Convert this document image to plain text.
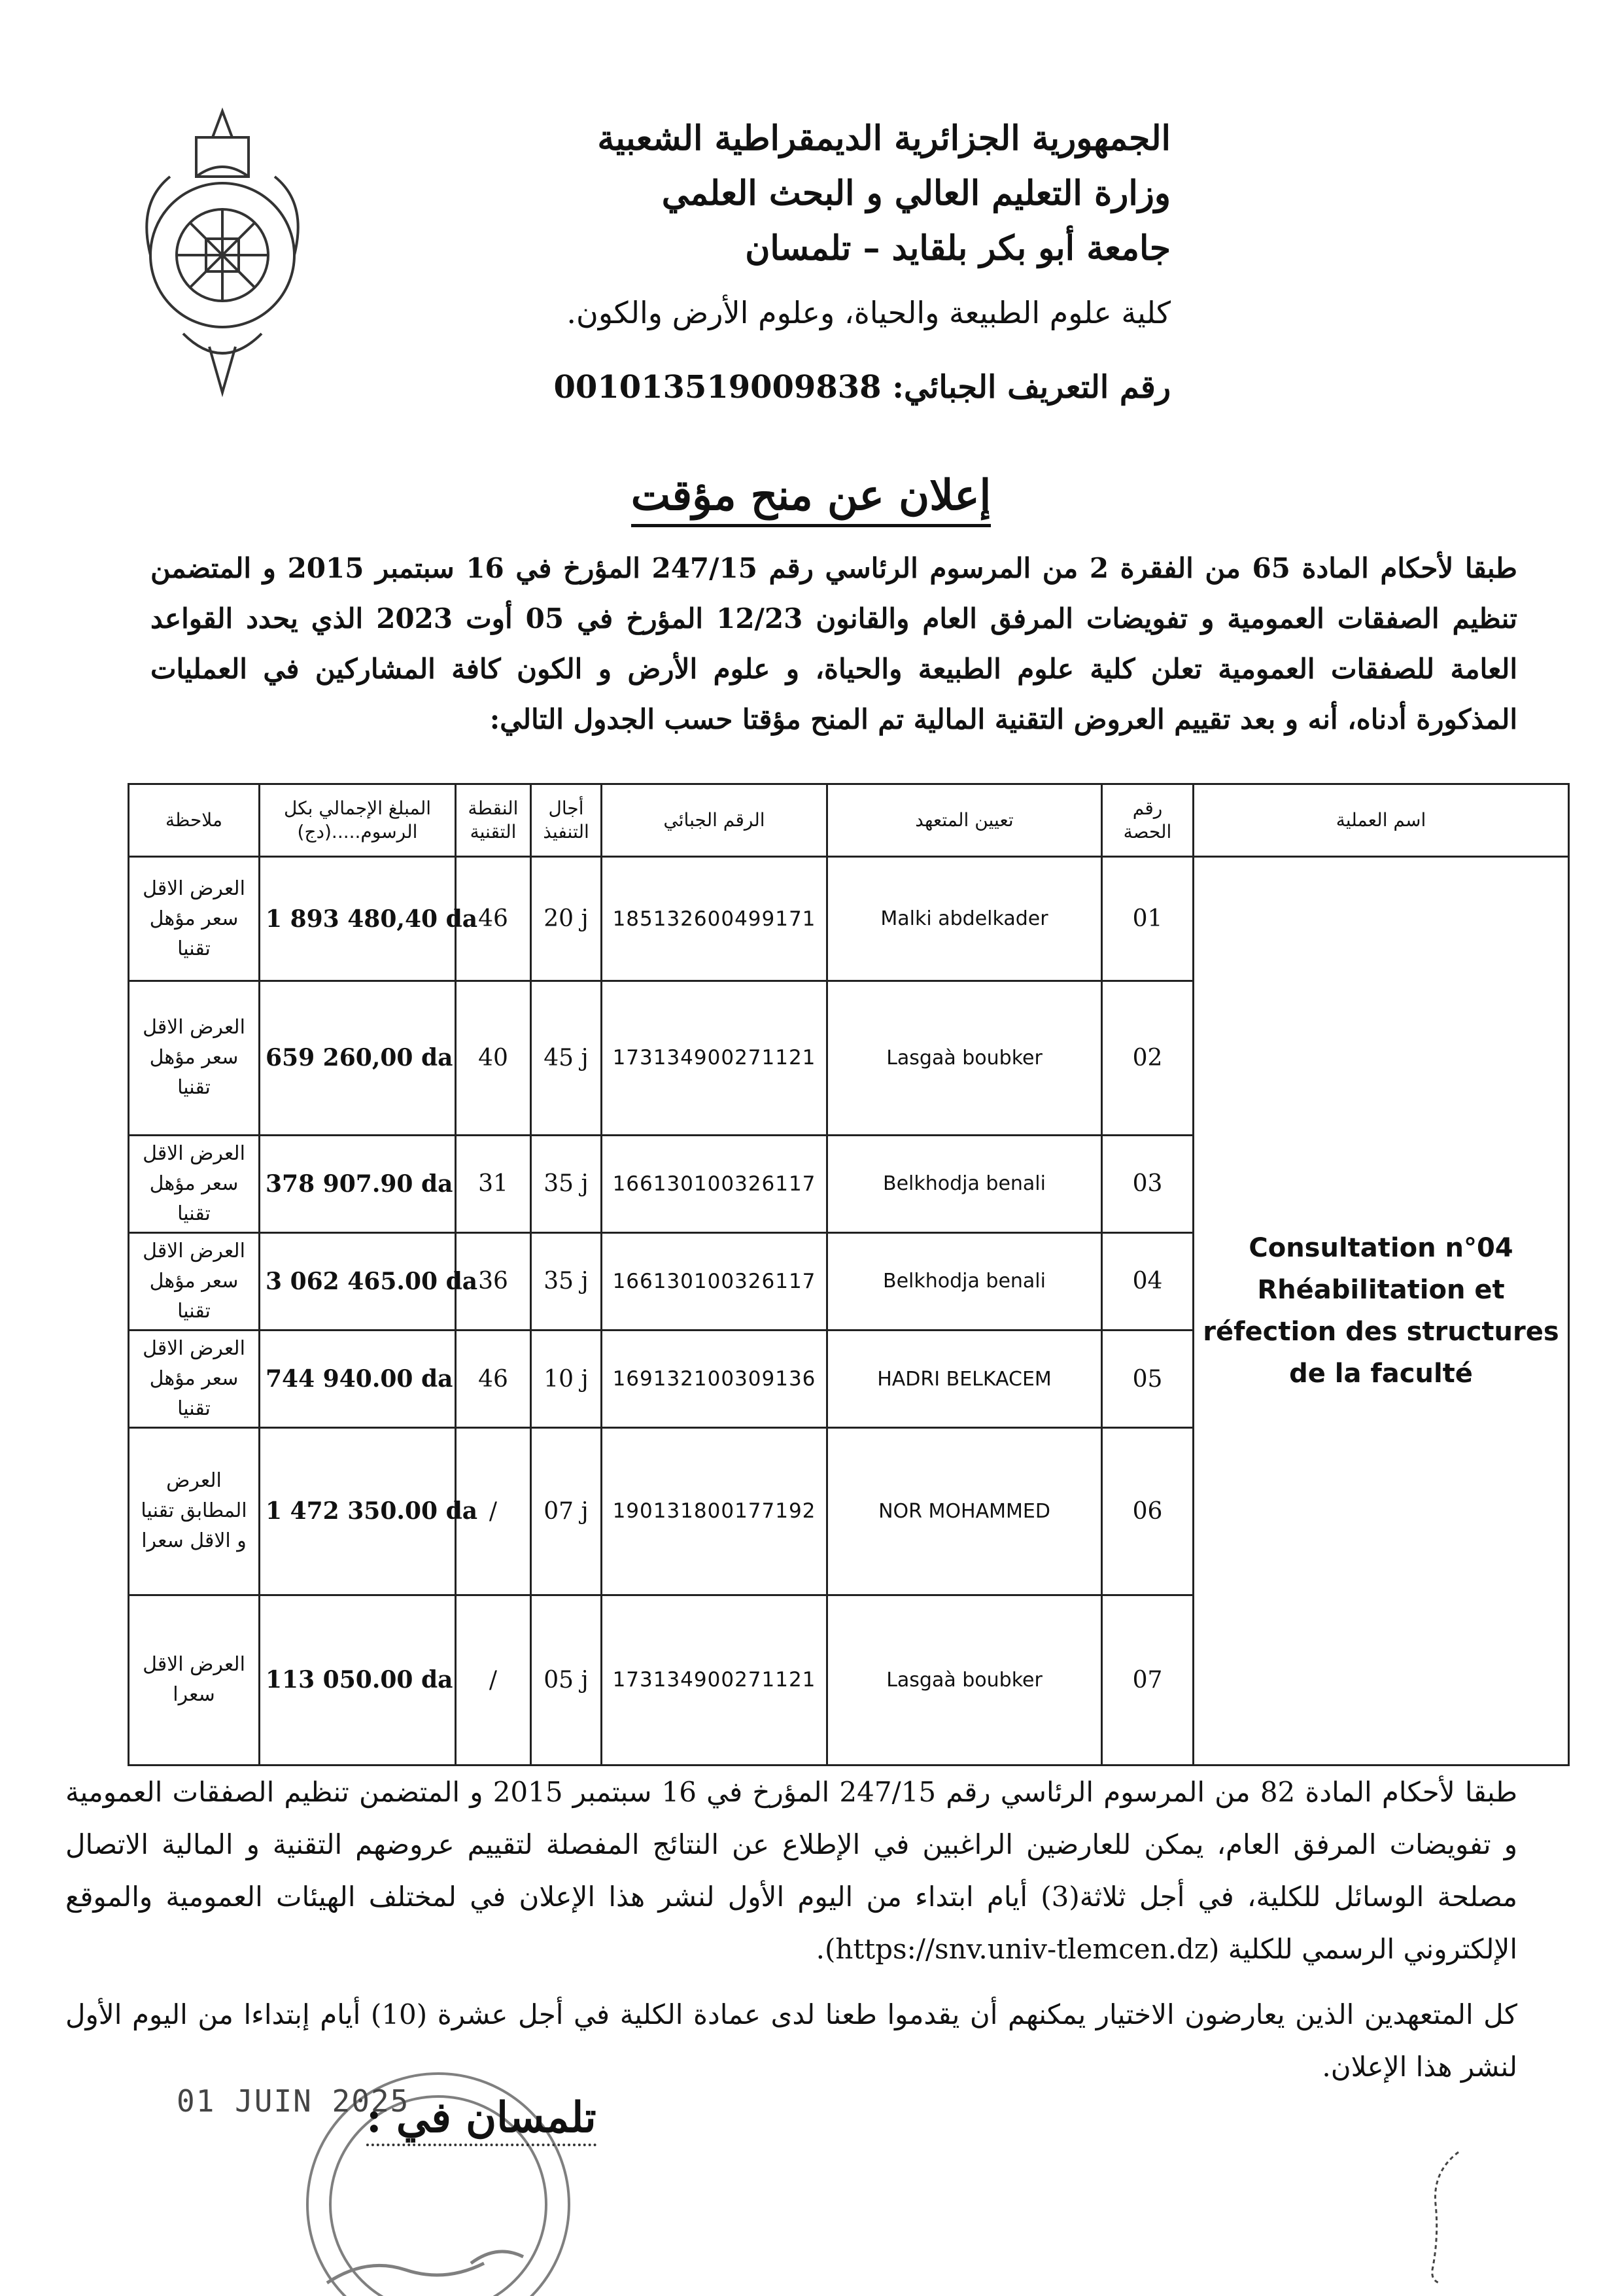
الجمهورية الجزائرية الديمقراطية الشعبية
وزارة التعليم العالي و البحث العلمي
جامعة أبو بكر بلقايد – تلمسان
كلية علوم الطبيعة والحياة، وعلوم الأرض والكون.
رقم التعريف الجبائي: 001013519009838
إعلان عن منح مؤقت
طبقا لأحكام المادة 65 من الفقرة 2 من المرسوم الرئاسي رقم 247/15 المؤرخ في 16 سبتمبر 2015 و المتضمن تنظيم الصفقات العمومية و تفويضات المرفق العام والقانون 12/23 المؤرخ في 05 أوت 2023 الذي يحدد القواعد العامة للصفقات العمومية تعلن كلية علوم الطبيعة والحياة، و علوم الأرض و الكون كافة المشاركين في العمليات المذكورة أدناه، أنه و بعد تقييم العروض التقنية المالية تم المنح مؤقتا حسب الجدول التالي:
ملاحظة	المبلغ الإجمالي بكل الرسوم.....(دج)	النقطة التقنية	أجال التنفيذ	الرقم الجبائي	تعيين المتعهد	رقم الحصة	اسم العملية
العرض الاقل سعر مؤهل تقنيا	1 893 480,40 da	46	20 j	185132600499171	Malki abdelkader	01	Consultation n°04 Rhéabilitation et réfection des structures de la faculté
العرض الاقل سعر مؤهل تقنيا	659 260,00 da	40	45 j	173134900271121	Lasgaà boubker	02	
العرض الاقل سعر مؤهل تقنيا	378 907.90 da	31	35 j	166130100326117	Belkhodja benali	03	
العرض الاقل سعر مؤهل تقنيا	3 062 465.00 da	36	35 j	166130100326117	Belkhodja benali	04	
العرض الاقل سعر مؤهل تقنيا	744 940.00 da	46	10 j	169132100309136	HADRI BELKACEM	05	
العرض المطابق تقنيا و الاقل سعرا	1 472 350.00 da	/	07 j	190131800177192	NOR MOHAMMED	06	
العرض الاقل سعرا	113 050.00 da	/	05 j	173134900271121	Lasgaà boubker	07	
طبقا لأحكام المادة 82 من المرسوم الرئاسي رقم 247/15 المؤرخ في 16 سبتمبر 2015 و المتضمن تنظيم الصفقات العمومية و تفويضات المرفق العام، يمكن للعارضين الراغبين في الإطلاع عن النتائج المفصلة لتقييم عروضهم التقنية و المالية الاتصال مصلحة الوسائل للكلية، في أجل ثلاثة(3) أيام ابتداء من اليوم الأول لنشر هذا الإعلان في لمختلف الهيئات العمومية والموقع الإلكتروني الرسمي للكلية (https://snv.univ-tlemcen.dz).
كل المتعهدين الذين يعارضون الاختيار يمكنهم أن يقدموا طعنا لدى عمادة الكلية في أجل عشرة (10) أيام إبتداءا من اليوم الأول لنشر هذا الإعلان.
01 JUIN 2025
تلمسان في :
